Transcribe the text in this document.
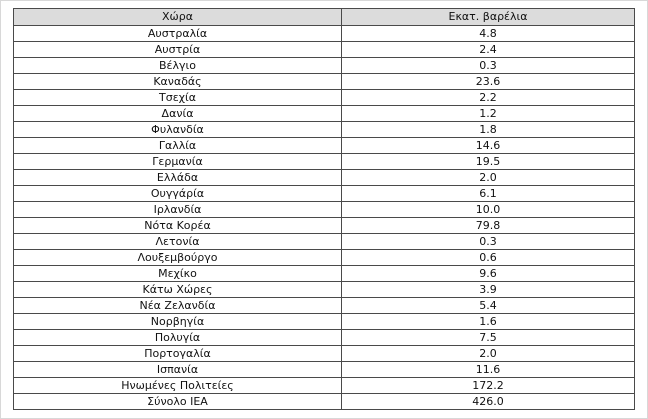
Χώρα	Εκατ. βαρέλια
Αυστραλία	4.8
Αυστρία	2.4
Βέλγιο	0.3
Καναδάς	23.6
Τσεχία	2.2
Δανία	1.2
Φυλανδία	1.8
Γαλλία	14.6
Γερμανία	19.5
Ελλάδα	2.0
Ουγγάρία	6.1
Ιρλανδία	10.0
Νότα Κορέα	79.8
Λετονία	0.3
Λουξεμβούργο	0.6
Μεχίκο	9.6
Κάτω Χώρες	3.9
Νέα Ζελανδία	5.4
Νορβηγία	1.6
Πολυγία	7.5
Πορτογαλία	2.0
Ισπανία	11.6
Ηνωμένες Πολιτείες	172.2
Σύνολο IEA	426.0
